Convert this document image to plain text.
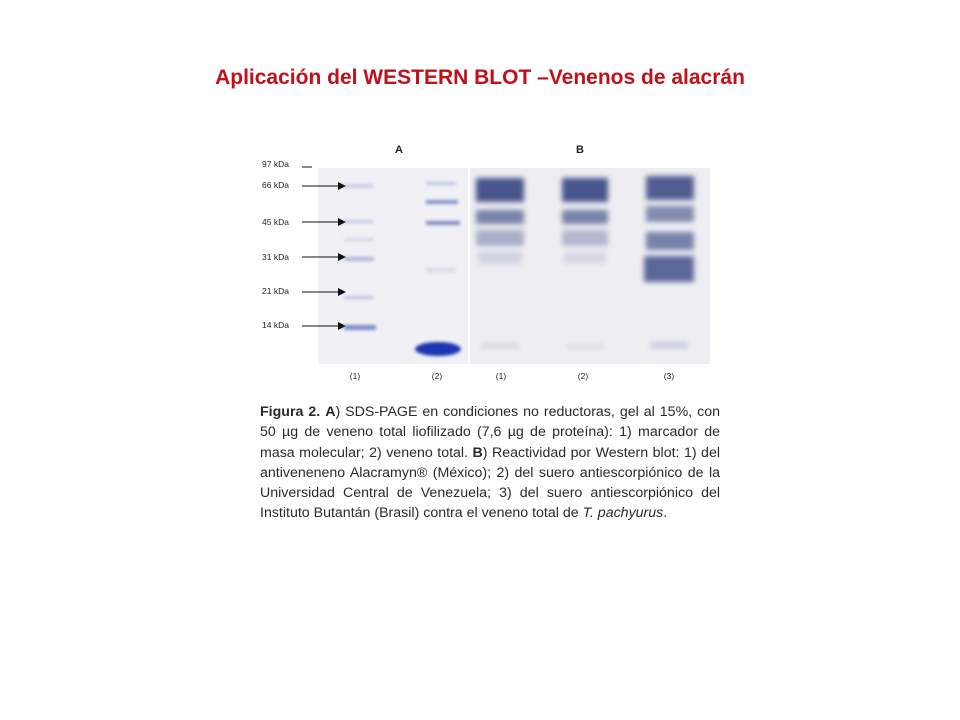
Aplicación del WESTERN BLOT –Venenos de alacrán
A	B
97 kDa
66 kDa
45 kDa
31 kDa
21 kDa
14 kDa
(1)	(2)	(1)	(2)	(3)

Figura 2. A) SDS-PAGE en condiciones no reductoras, gel al 15%, con 50 µg de veneno total liofilizado (7,6 µg de proteína): 1) marcador de masa molecular; 2) veneno total. B) Reactividad por Western blot: 1) del antiveneneno Alacramyn® (México); 2) del suero antiescorpiónico de la Universidad Central de Venezuela; 3) del suero antiescorpiónico del Instituto Butantán (Brasil) contra el veneno total de T. pachyurus.
